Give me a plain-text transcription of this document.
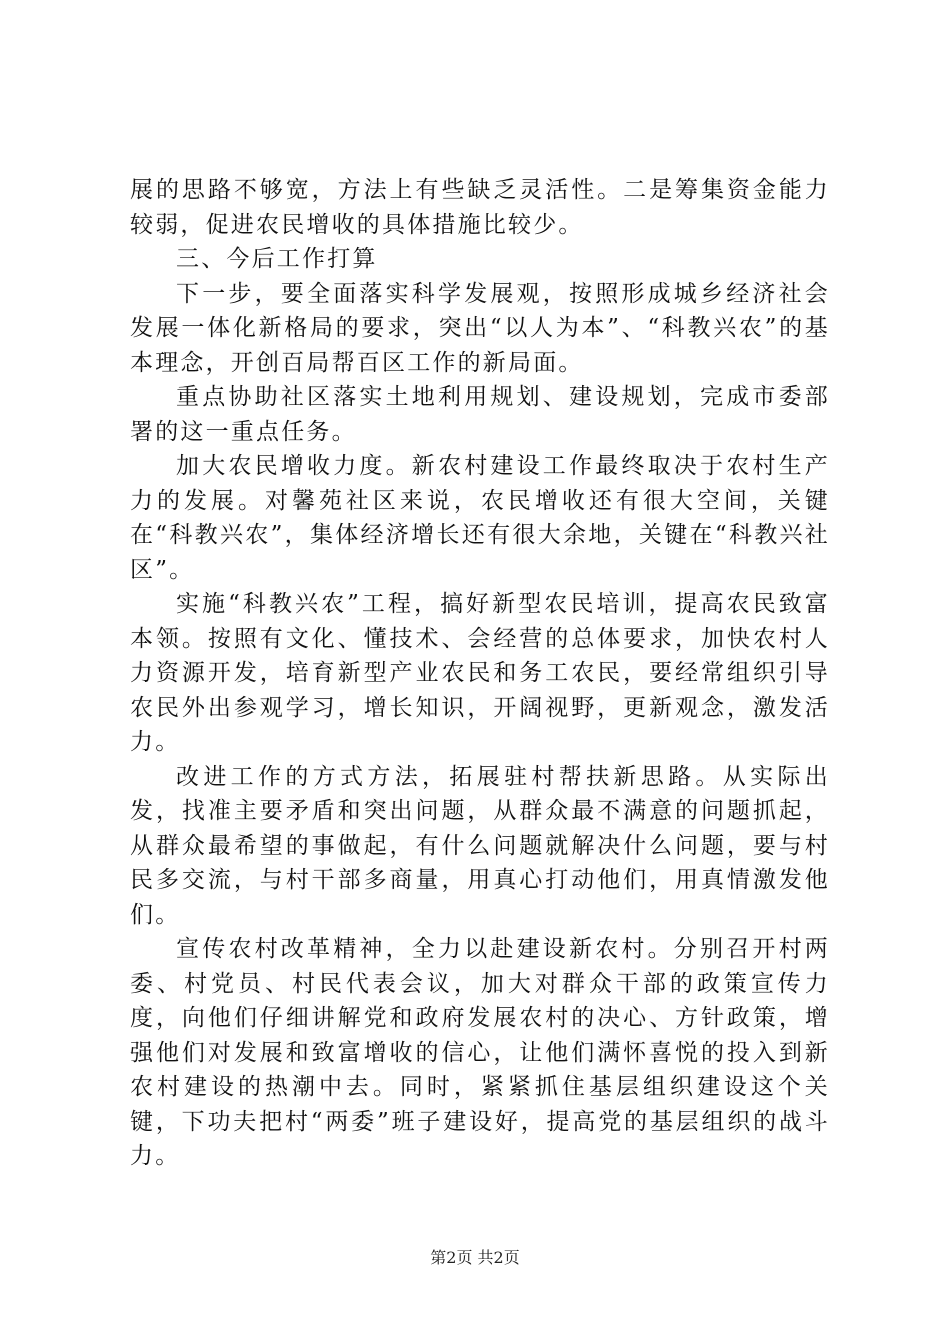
展的思路不够宽，方法上有些缺乏灵活性。二是筹集资金能力较弱，促进农民增收的具体措施比较少。

三、今后工作打算

下一步，要全面落实科学发展观，按照形成城乡经济社会发展一体化新格局的要求，突出“以人为本”、“科教兴农”的基本理念，开创百局帮百区工作的新局面。

重点协助社区落实土地利用规划、建设规划，完成市委部署的这一重点任务。

加大农民增收力度。新农村建设工作最终取决于农村生产力的发展。对馨苑社区来说，农民增收还有很大空间，关键在“科教兴农”，集体经济增长还有很大余地，关键在“科教兴社区”。

实施“科教兴农”工程，搞好新型农民培训，提高农民致富本领。按照有文化、懂技术、会经营的总体要求，加快农村人力资源开发，培育新型产业农民和务工农民，要经常组织引导农民外出参观学习，增长知识，开阔视野，更新观念，激发活力。

改进工作的方式方法，拓展驻村帮扶新思路。从实际出发，找准主要矛盾和突出问题，从群众最不满意的问题抓起，从群众最希望的事做起，有什么问题就解决什么问题，要与村民多交流，与村干部多商量，用真心打动他们，用真情激发他们。

宣传农村改革精神，全力以赴建设新农村。分别召开村两委、村党员、村民代表会议，加大对群众干部的政策宣传力度，向他们仔细讲解党和政府发展农村的决心、方针政策，增强他们对发展和致富增收的信心，让他们满怀喜悦的投入到新农村建设的热潮中去。同时，紧紧抓住基层组织建设这个关键，下功夫把村“两委”班子建设好，提高党的基层组织的战斗力。

第2页 共2页
